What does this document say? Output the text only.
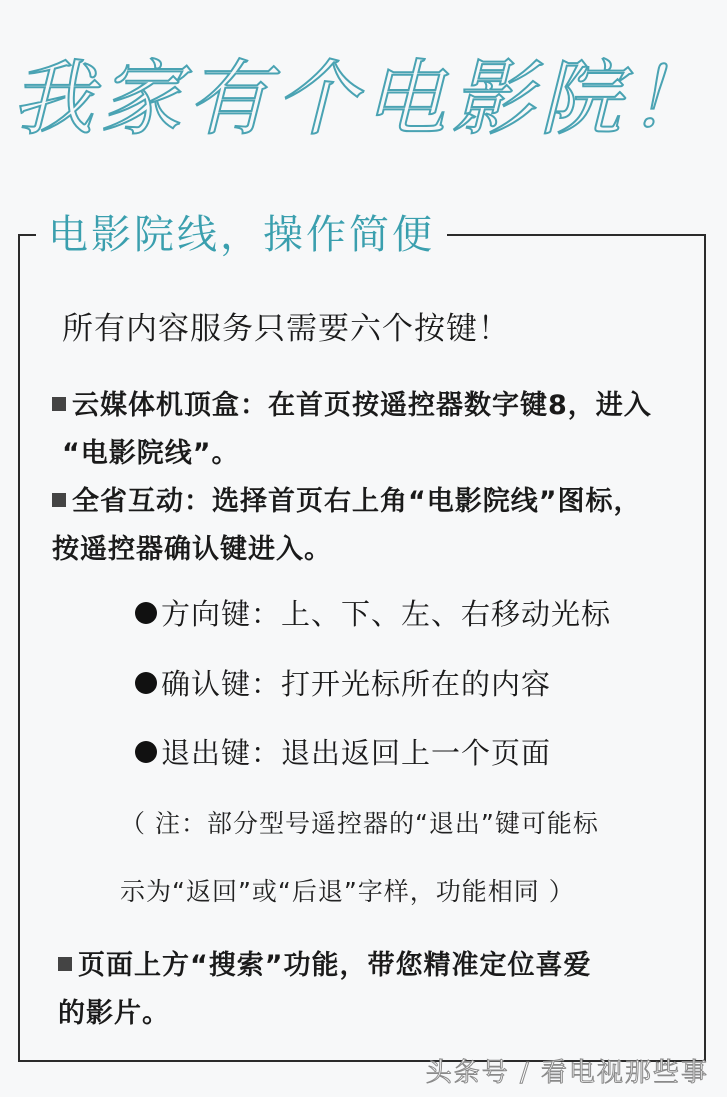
我家有个电影院！
电影院线，操作简便
所有内容服务只需要六个按键！
云媒体机顶盒：在首页按遥控器数字键8，进入
“电影院线”。
全省互动：选择首页右上角“电影院线”图标，
按遥控器确认键进入。
方向键：上、下、左、右移动光标
确认键：打开光标所在的内容
退出键：退出返回上一个页面
（ 注：部分型号遥控器的“退出”键可能标
示为“返回”或“后退”字样，功能相同 ）
页面上方“搜索”功能，带您精准定位喜爱
的影片。
头条号 / 看电视那些事
